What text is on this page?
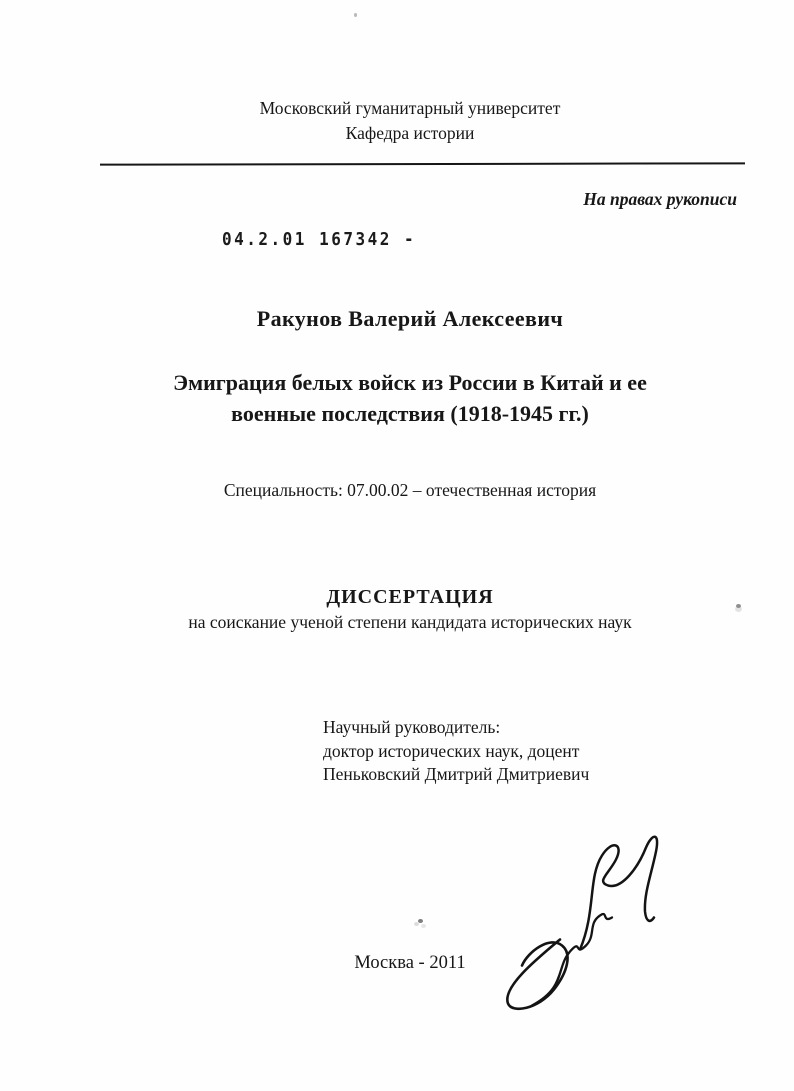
Московский гуманитарный университет
Кафедра истории
На правах рукописи
04.2.01 167342 -
Ракунов Валерий Алексеевич
Эмиграция белых войск из России в Китай и ее
военные последствия (1918-1945 гг.)
Специальность: 07.00.02 – отечественная история
ДИССЕРТАЦИЯ
на соискание ученой степени кандидата исторических наук
Научный руководитель:
доктор исторических наук, доцент
Пеньковский Дмитрий Дмитриевич
Москва - 2011
